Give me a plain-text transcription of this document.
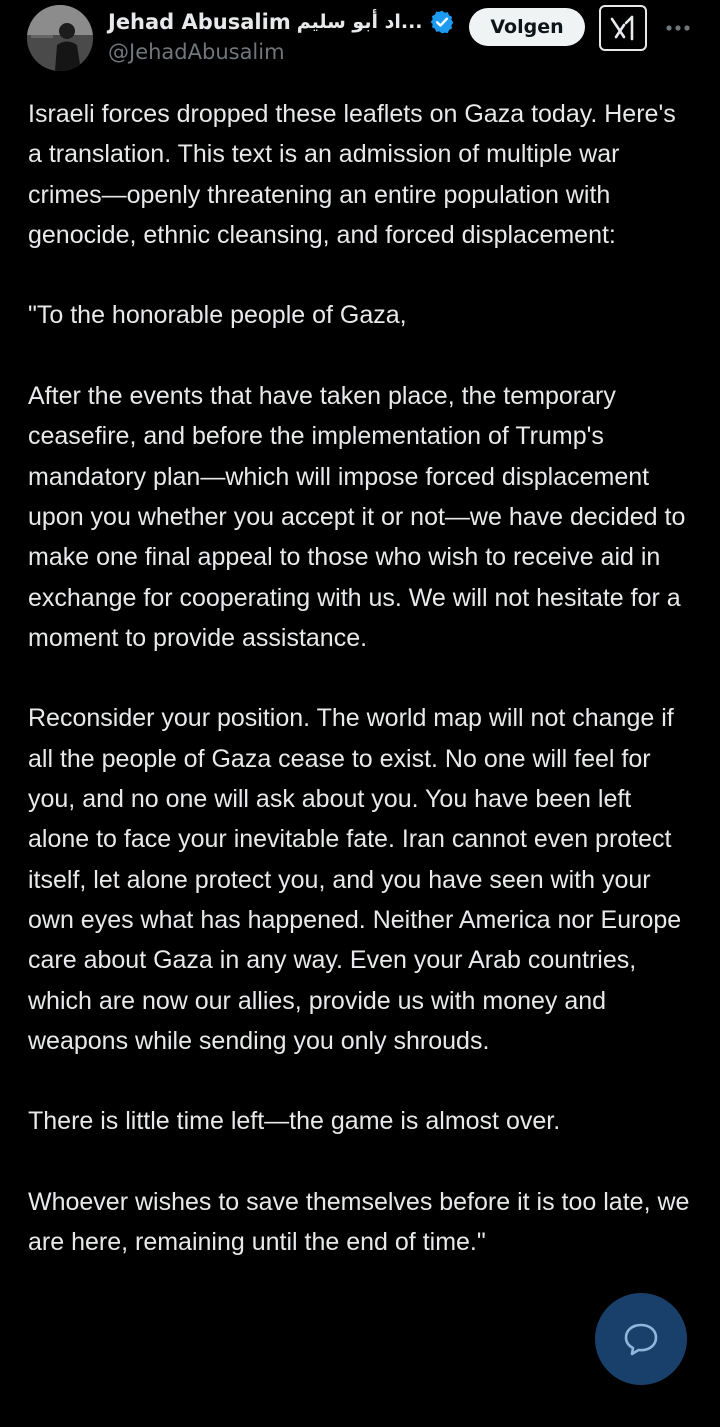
Jehad Abusalim ...اد أبو سليم
@JehadAbusalim
Volgen

Israeli forces dropped these leaflets on Gaza today. Here's a translation. This text is an admission of multiple war crimes—openly threatening an entire population with genocide, ethnic cleansing, and forced displacement:

"To the honorable people of Gaza,

After the events that have taken place, the temporary ceasefire, and before the implementation of Trump's mandatory plan—which will impose forced displacement upon you whether you accept it or not—we have decided to make one final appeal to those who wish to receive aid in exchange for cooperating with us. We will not hesitate for a moment to provide assistance.

Reconsider your position. The world map will not change if all the people of Gaza cease to exist. No one will feel for you, and no one will ask about you. You have been left alone to face your inevitable fate. Iran cannot even protect itself, let alone protect you, and you have seen with your own eyes what has happened. Neither America nor Europe care about Gaza in any way. Even your Arab countries, which are now our allies, provide us with money and weapons while sending you only shrouds.

There is little time left—the game is almost over.

Whoever wishes to save themselves before it is too late, we are here, remaining until the end of time."
